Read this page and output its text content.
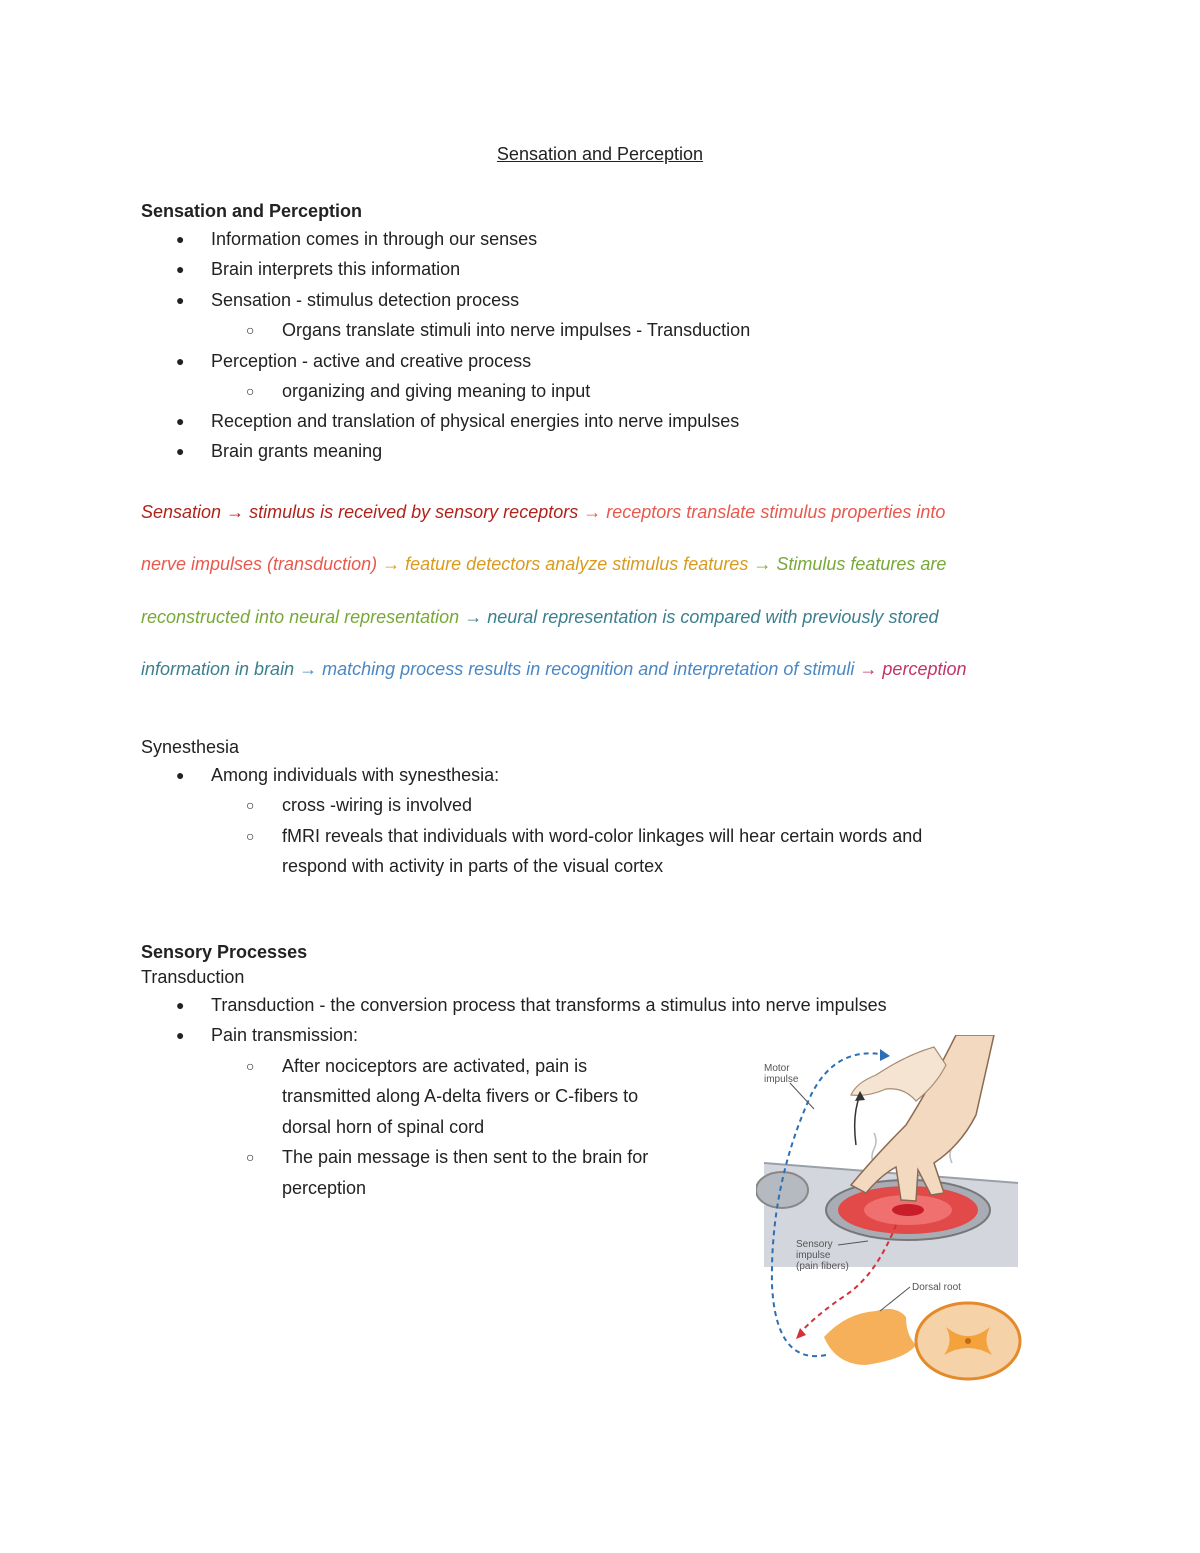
Sensation and Perception
Sensation and Perception
● Information comes in through our senses
● Brain interprets this information
● Sensation - stimulus detection process
○ Organs translate stimuli into nerve impulses - Transduction
● Perception - active and creative process
○ organizing and giving meaning to input
● Reception and translation of physical energies into nerve impulses
● Brain grants meaning
Sensation → stimulus is received by sensory receptors → receptors translate stimulus properties into
nerve impulses (transduction) → feature detectors analyze stimulus features → Stimulus features are
reconstructed into neural representation → neural representation is compared with previously stored
information in brain → matching process results in recognition and interpretation of stimuli → perception
Synesthesia
● Among individuals with synesthesia:
○ cross -wiring is involved
○ fMRI reveals that individuals with word-color linkages will hear certain words and
respond with activity in parts of the visual cortex
Sensory Processes
Transduction
● Transduction - the conversion process that transforms a stimulus into nerve impulses
● Pain transmission:
○ After nociceptors are activated, pain is
transmitted along A-delta fivers or C-fibers to
dorsal horn of spinal cord
○ The pain message is then sent to the brain for
perception
Motor
impulse
Sensory
impulse
(pain fibers)
Dorsal root
